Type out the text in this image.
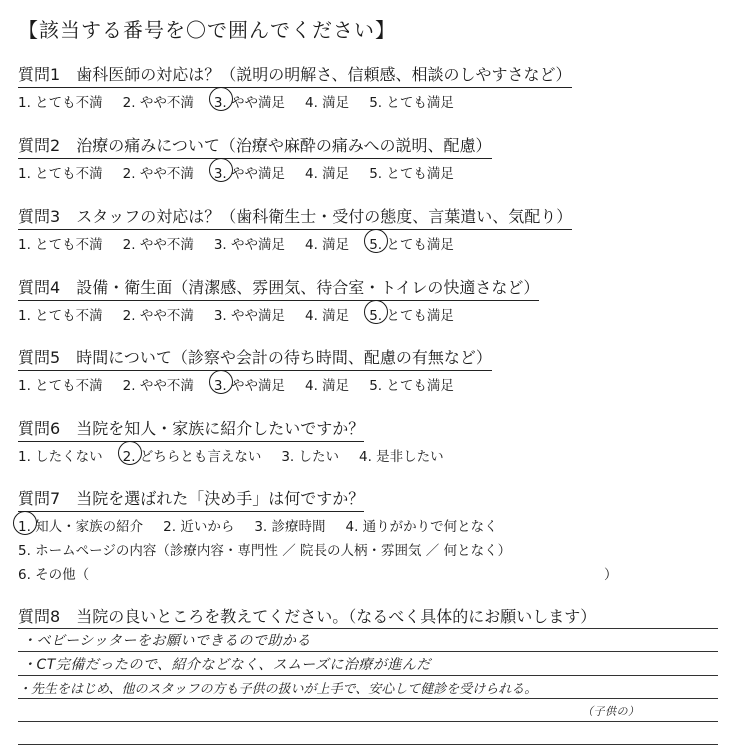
【該当する番号を〇で囲んでください】
質問1 歯科医師の対応は？（説明の明解さ、信頼感、相談のしやすさなど）
1. とても不満 2. やや不満 3. やや満足 4. 満足 5. とても満足
質問2 治療の痛みについて（治療や麻酔の痛みへの説明、配慮）
1. とても不満 2. やや不満 3. やや満足 4. 満足 5. とても満足
質問3 スタッフの対応は？（歯科衛生士・受付の態度、言葉遣い、気配り）
1. とても不満 2. やや不満 3. やや満足 4. 満足 5. とても満足
質問4 設備・衛生面（清潔感、雰囲気、待合室・トイレの快適さなど）
1. とても不満 2. やや不満 3. やや満足 4. 満足 5. とても満足
質問5 時間について（診察や会計の待ち時間、配慮の有無など）
1. とても不満 2. やや不満 3. やや満足 4. 満足 5. とても満足
質問6 当院を知人・家族に紹介したいですか？
1. したくない 2. どちらとも言えない 3. したい 4. 是非したい
質問7 当院を選ばれた「決め手」は何ですか？
1. 知人・家族の紹介 2. 近いから 3. 診療時間 4. 通りがかりで何となく
5. ホームページの内容（診療内容・専門性 ／ 院長の人柄・雰囲気 ／ 何となく）
6. その他（	）
質問8 当院の良いところを教えてください。（なるべく具体的にお願いします）
・ベビーシッターをお願いできるので助かる
・CT完備だったので、紹介などなく、スムーズに治療が進んだ
・先生をはじめ、他のスタッフの方も子供の扱いが上手で、安心して健診を受けられる。
（子供の）
